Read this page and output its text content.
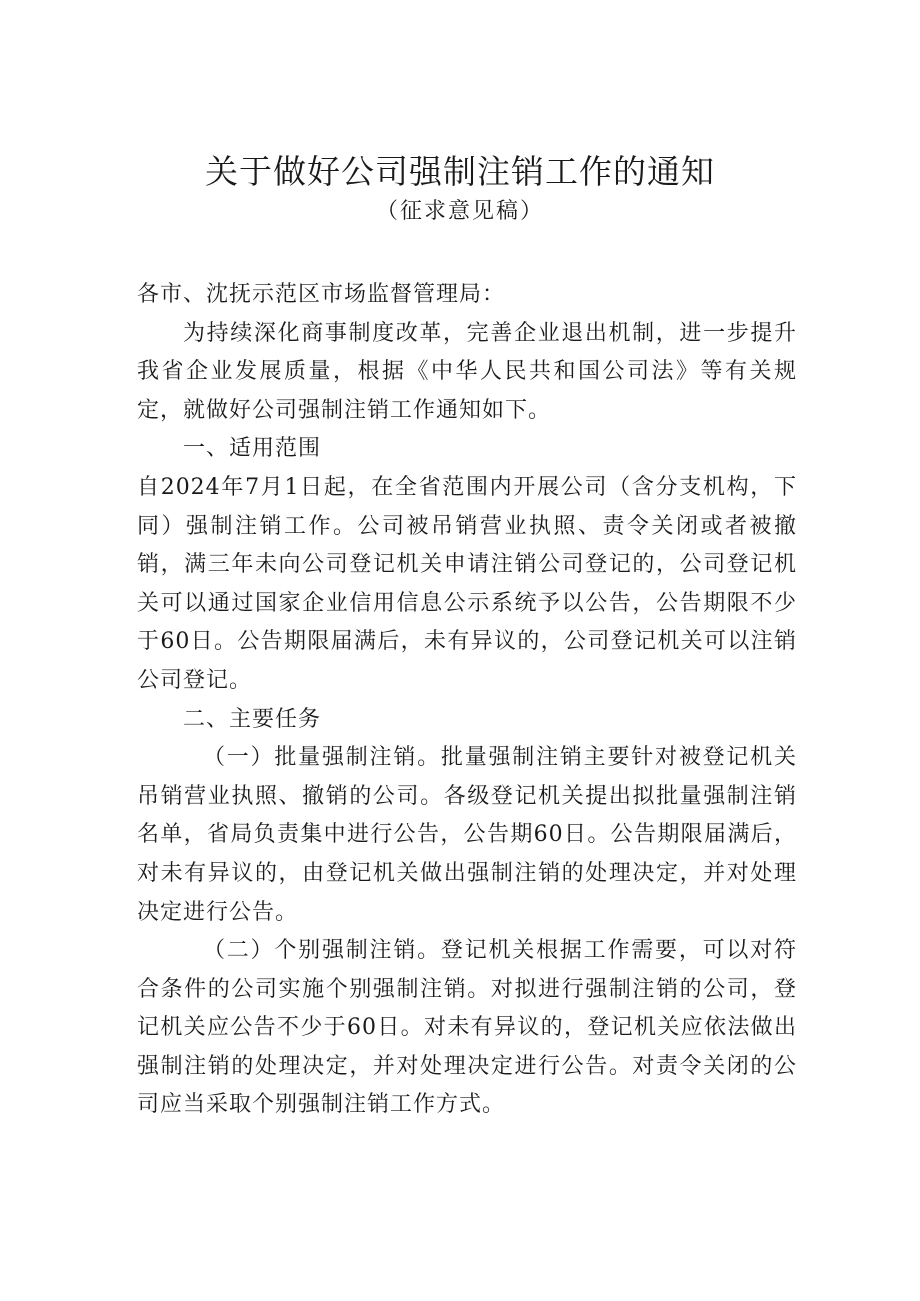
关于做好公司强制注销工作的通知
（征求意见稿）

各市、沈抚示范区市场监督管理局：

为持续深化商事制度改革，完善企业退出机制，进一步提升我省企业发展质量，根据《中华人民共和国公司法》等有关规定，就做好公司强制注销工作通知如下。

一、适用范围

自2024年7月1日起，在全省范围内开展公司（含分支机构，下同）强制注销工作。公司被吊销营业执照、责令关闭或者被撤销，满三年未向公司登记机关申请注销公司登记的，公司登记机关可以通过国家企业信用信息公示系统予以公告，公告期限不少于60日。公告期限届满后，未有异议的，公司登记机关可以注销公司登记。

二、主要任务

（一）批量强制注销。批量强制注销主要针对被登记机关吊销营业执照、撤销的公司。各级登记机关提出拟批量强制注销名单，省局负责集中进行公告，公告期60日。公告期限届满后，对未有异议的，由登记机关做出强制注销的处理决定，并对处理决定进行公告。

（二）个别强制注销。登记机关根据工作需要，可以对符合条件的公司实施个别强制注销。对拟进行强制注销的公司，登记机关应公告不少于60日。对未有异议的，登记机关应依法做出强制注销的处理决定，并对处理决定进行公告。对责令关闭的公司应当采取个别强制注销工作方式。
